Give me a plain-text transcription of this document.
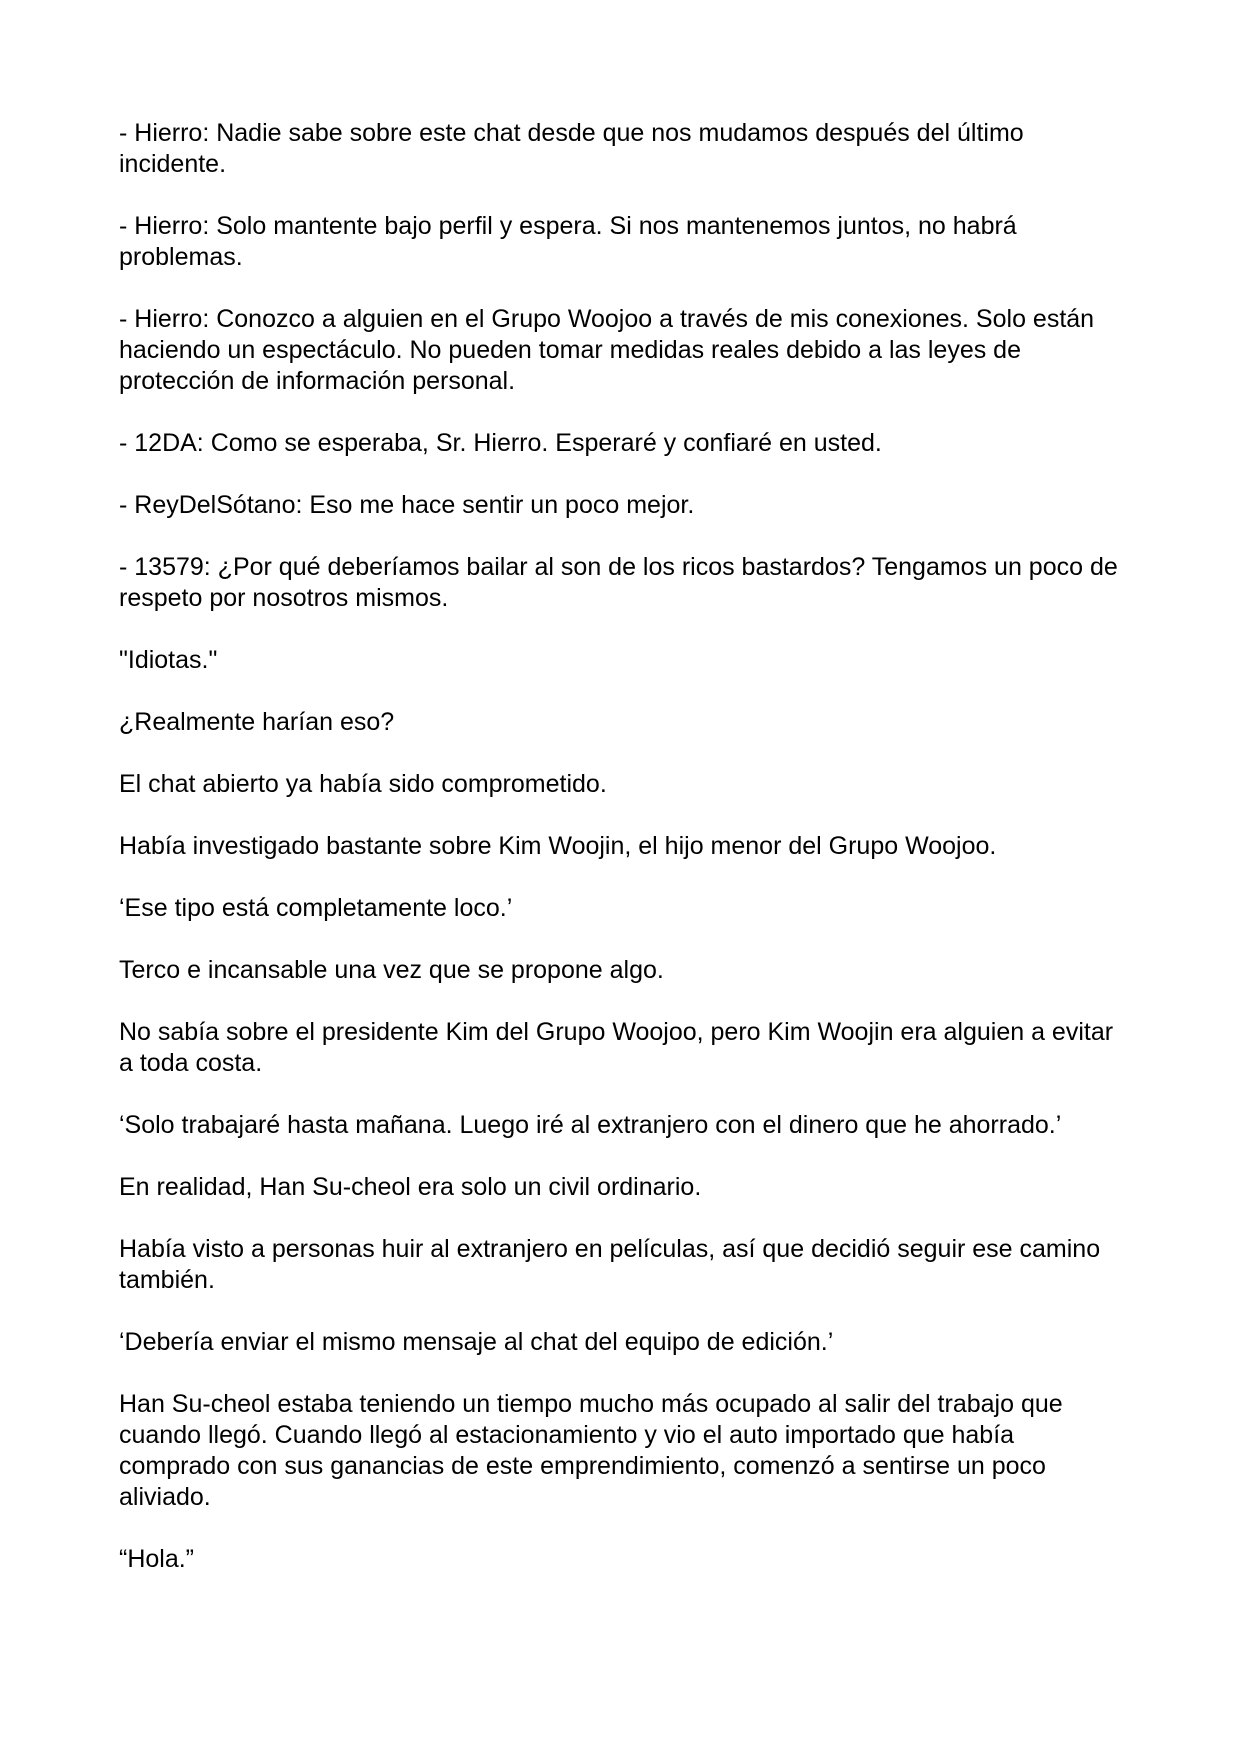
- Hierro: Nadie sabe sobre este chat desde que nos mudamos después del último incidente.

- Hierro: Solo mantente bajo perfil y espera. Si nos mantenemos juntos, no habrá problemas.

- Hierro: Conozco a alguien en el Grupo Woojoo a través de mis conexiones. Solo están haciendo un espectáculo. No pueden tomar medidas reales debido a las leyes de protección de información personal.

- 12DA: Como se esperaba, Sr. Hierro. Esperaré y confiaré en usted.

- ReyDelSótano: Eso me hace sentir un poco mejor.

- 13579: ¿Por qué deberíamos bailar al son de los ricos bastardos? Tengamos un poco de respeto por nosotros mismos.

"Idiotas."

¿Realmente harían eso?

El chat abierto ya había sido comprometido.

Había investigado bastante sobre Kim Woojin, el hijo menor del Grupo Woojoo.

‘Ese tipo está completamente loco.’

Terco e incansable una vez que se propone algo.

No sabía sobre el presidente Kim del Grupo Woojoo, pero Kim Woojin era alguien a evitar a toda costa.

‘Solo trabajaré hasta mañana. Luego iré al extranjero con el dinero que he ahorrado.’

En realidad, Han Su-cheol era solo un civil ordinario.

Había visto a personas huir al extranjero en películas, así que decidió seguir ese camino también.

‘Debería enviar el mismo mensaje al chat del equipo de edición.’

Han Su-cheol estaba teniendo un tiempo mucho más ocupado al salir del trabajo que cuando llegó. Cuando llegó al estacionamiento y vio el auto importado que había comprado con sus ganancias de este emprendimiento, comenzó a sentirse un poco aliviado.

“Hola.”
